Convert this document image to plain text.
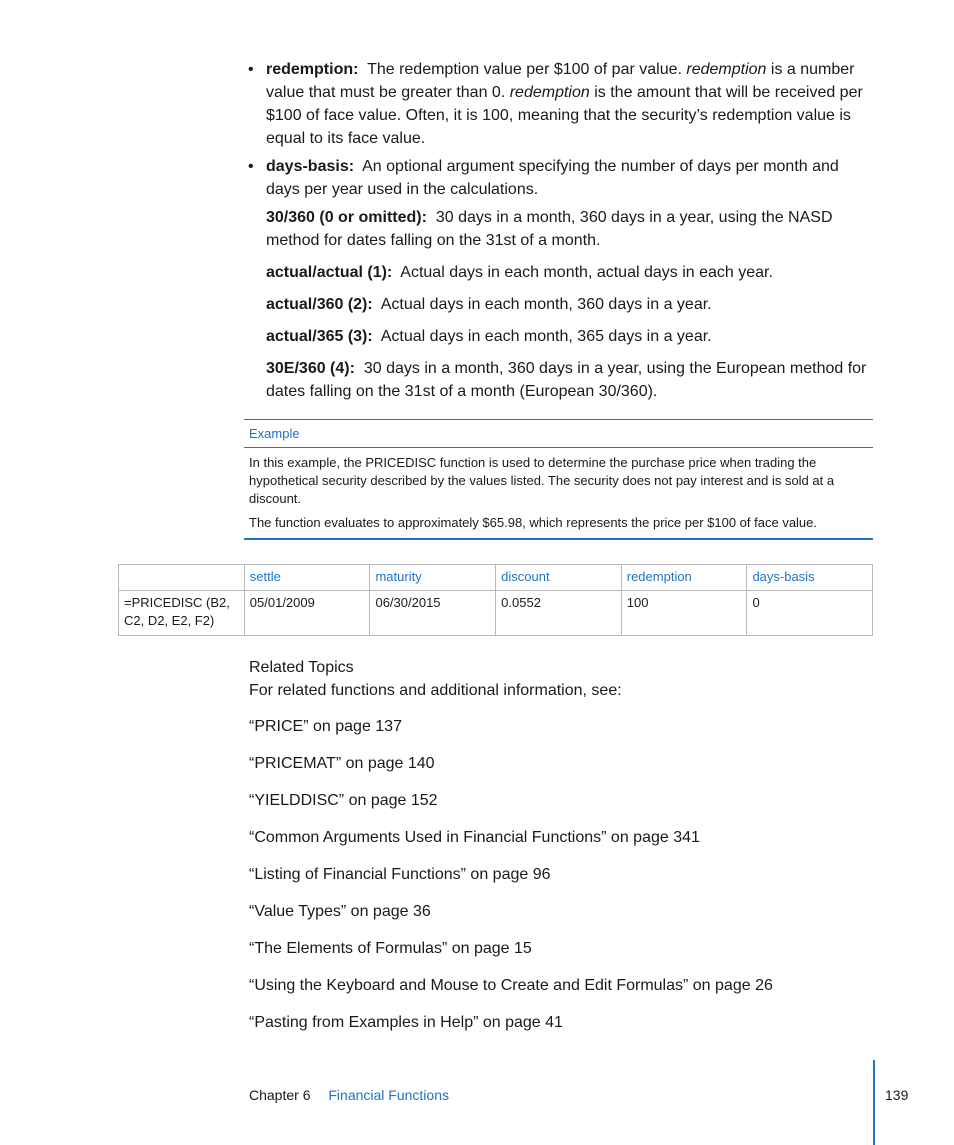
• redemption: The redemption value per $100 of par value. redemption is a number value that must be greater than 0. redemption is the amount that will be received per $100 of face value. Often, it is 100, meaning that the security’s redemption value is equal to its face value.
• days-basis: An optional argument specifying the number of days per month and days per year used in the calculations.
30/360 (0 or omitted): 30 days in a month, 360 days in a year, using the NASD method for dates falling on the 31st of a month.
actual/actual (1): Actual days in each month, actual days in each year.
actual/360 (2): Actual days in each month, 360 days in a year.
actual/365 (3): Actual days in each month, 365 days in a year.
30E/360 (4): 30 days in a month, 360 days in a year, using the European method for dates falling on the 31st of a month (European 30/360).
Example

In this example, the PRICEDISC function is used to determine the purchase price when trading the hypothetical security described by the values listed. The security does not pay interest and is sold at a discount.

The function evaluates to approximately $65.98, which represents the price per $100 of face value.

	settle	maturity	discount	redemption	days-basis
=PRICEDISC (B2, C2, D2, E2, F2)	05/01/2009	06/30/2015	0.0552	100	0
Related Topics
For related functions and additional information, see:
“PRICE” on page 137
“PRICEMAT” on page 140
“YIELDDISC” on page 152
“Common Arguments Used in Financial Functions” on page 341
“Listing of Financial Functions” on page 96
“Value Types” on page 36
“The Elements of Formulas” on page 15
“Using the Keyboard and Mouse to Create and Edit Formulas” on page 26
“Pasting from Examples in Help” on page 41
Chapter 6 Financial Functions	139
